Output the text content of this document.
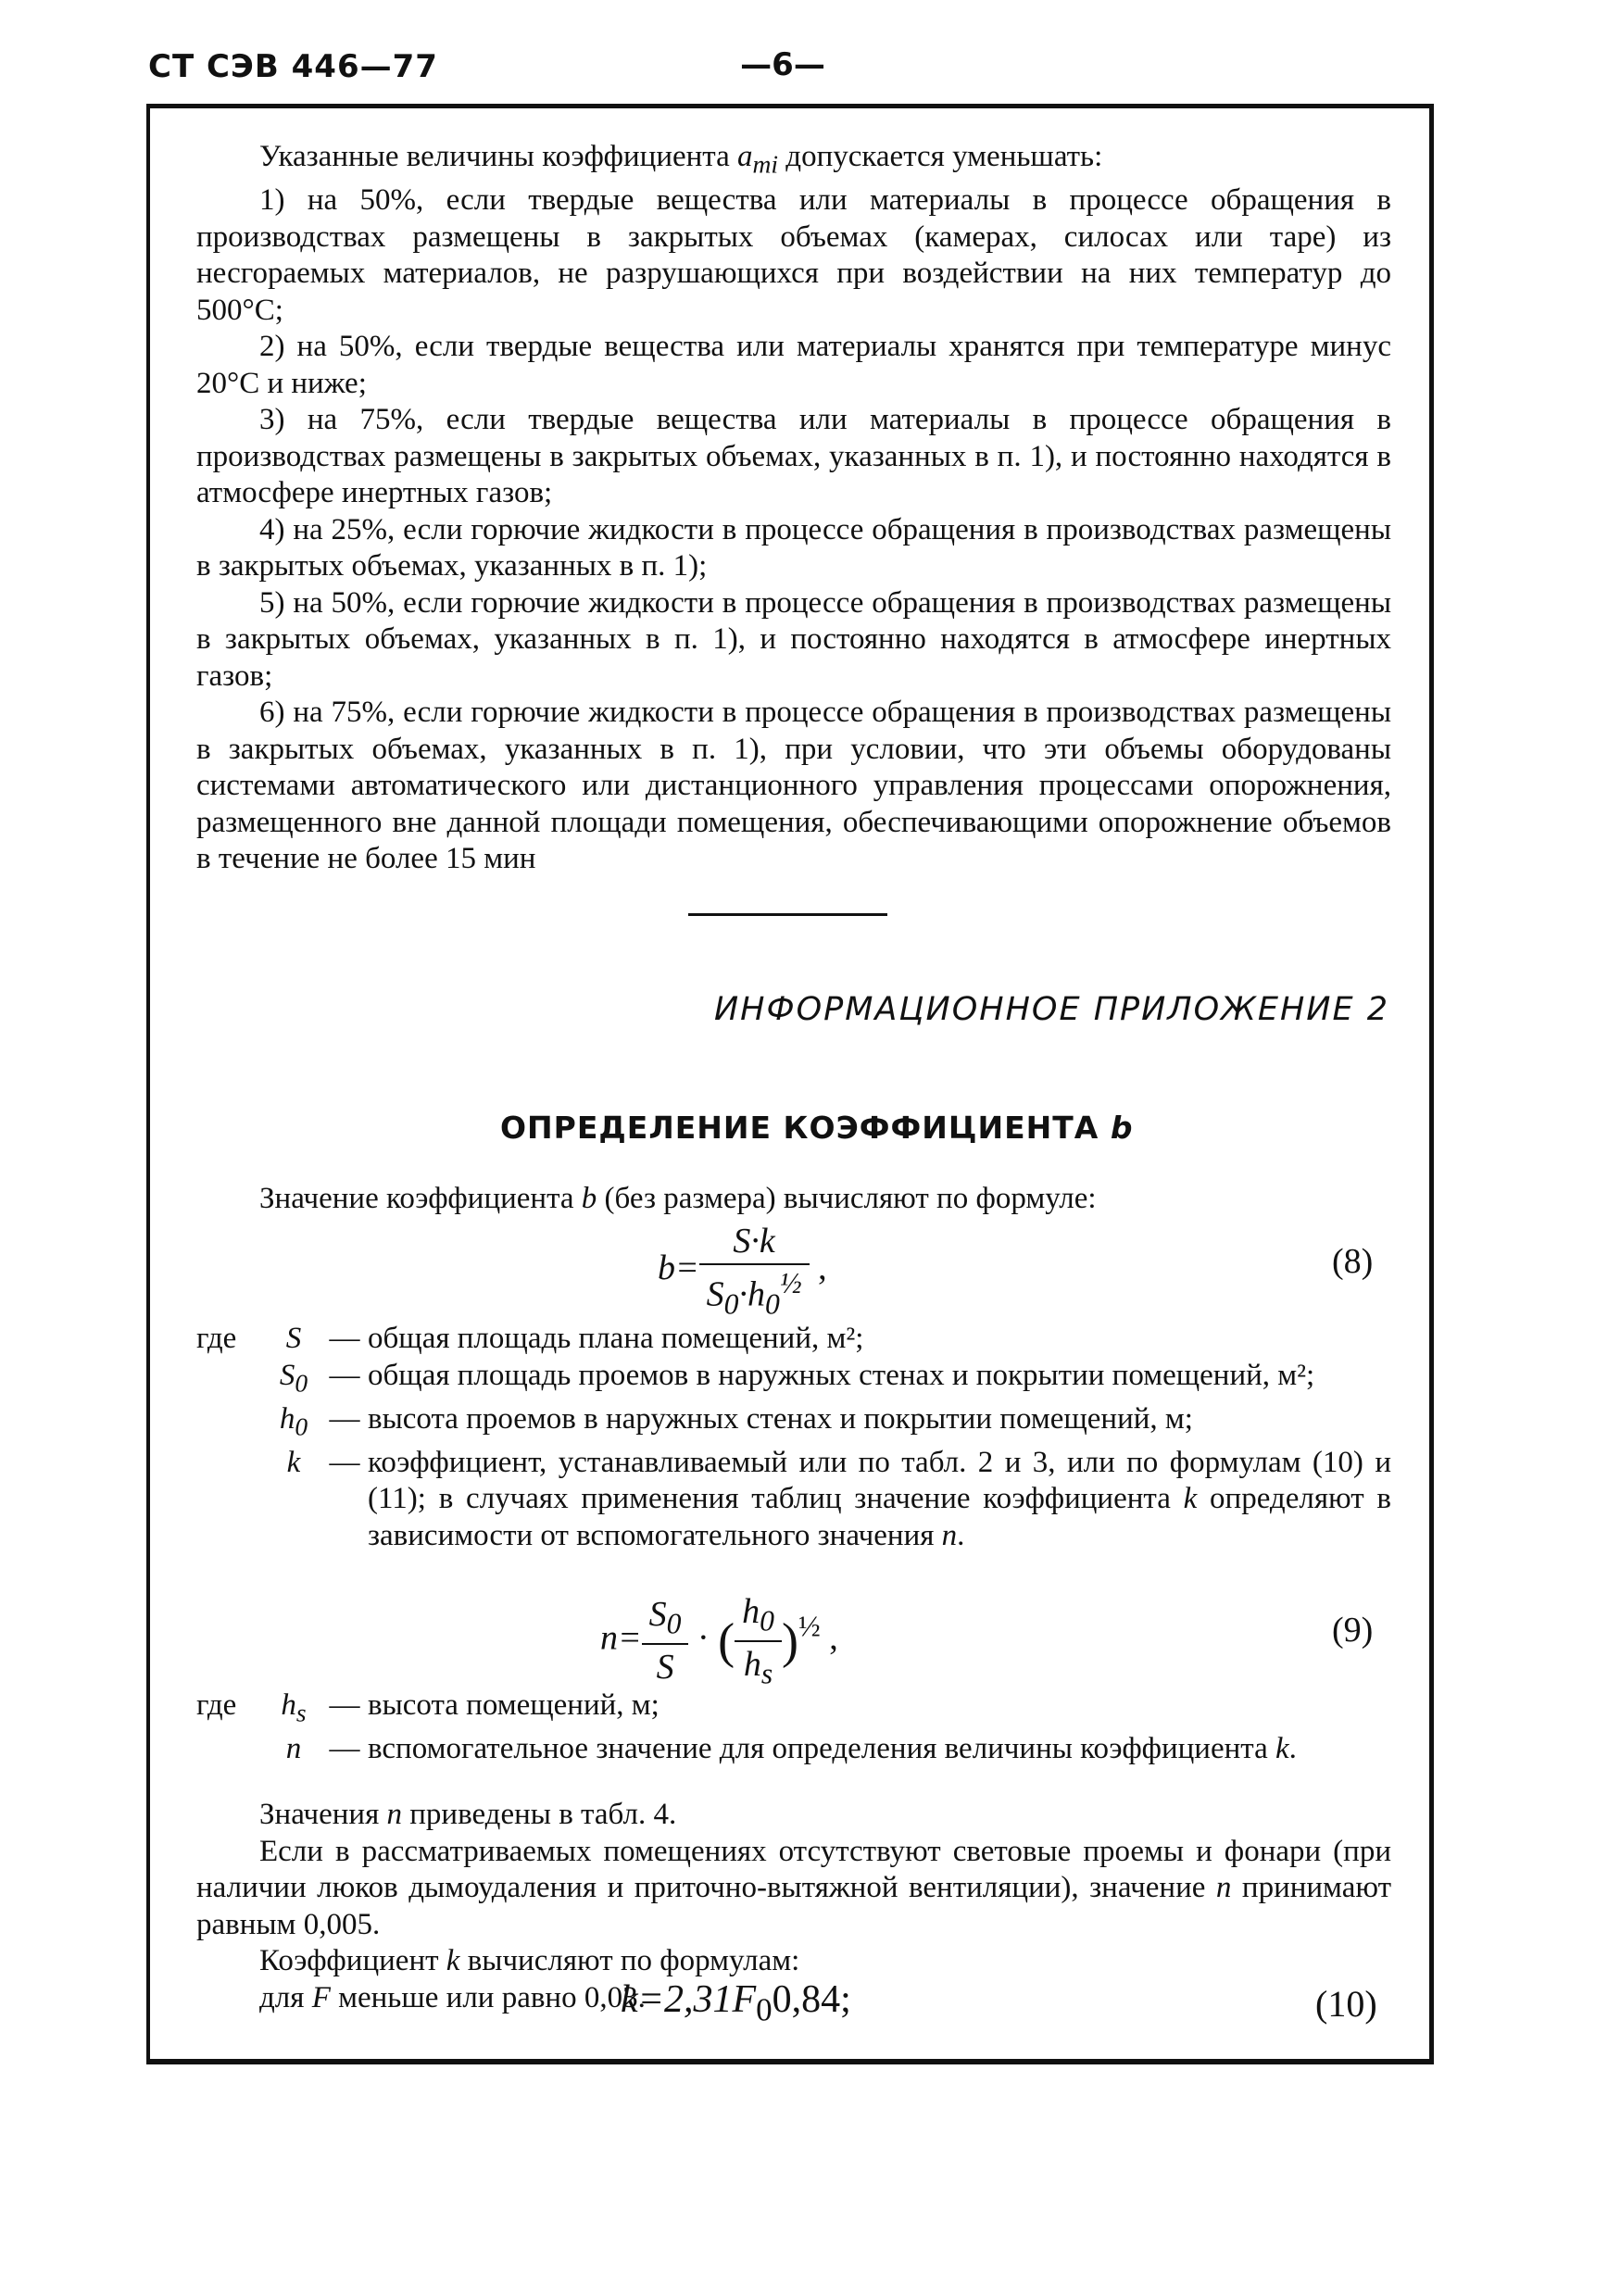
СТ СЭВ 446—77	—6—

Указанные величины коэффициента $a_{mi}$ допускается уменьшать:

1) на 50%, если твердые вещества или материалы в процессе обращения в производствах размещены в закрытых объемах (камерах, силосах или таре) из несгораемых материалов, не разрушающихся при воздействии на них температур до 500°С;

2) на 50%, если твердые вещества или материалы хранятся при температуре минус 20°С и ниже;

3) на 75%, если твердые вещества или материалы в процессе обращения в производствах размещены в закрытых объемах, указанных в п. 1), и постоянно находятся в атмосфере инертных газов;

4) на 25%, если горючие жидкости в процессе обращения в производствах размещены в закрытых объемах, указанных в п. 1);

5) на 50%, если горючие жидкости в процессе обращения в производствах размещены в закрытых объемах, указанных в п. 1), и постоянно находятся в атмосфере инертных газов;

6) на 75%, если горючие жидкости в процессе обращения в производствах размещены в закрытых объемах, указанных в п. 1), при условии, что эти объемы оборудованы системами автоматического или дистанционного управления процессами опорожнения, размещенного вне данной площади помещения, обеспечивающими опорожнение объемов в течение не более 15 мин

ИНФОРМАЦИОННОЕ ПРИЛОЖЕНИЕ 2
ОПРЕДЕЛЕНИЕ КОЭФФИЦИЕНТА b

Значение коэффициента b (без размера) вычисляют по формуле:

$b= \frac{S\cdot k}{S_0\cdot h_0^{\frac{1}{2}}}$ ,	(8)
где	S — общая площадь плана помещений, м²;
$S_0$ — общая площадь проемов в наружных стенах и покрытии помещений, м²;
$h_0$ — высота проемов в наружных стенах и покрытии помещений, м;
k — коэффициент, устанавливаемый или по табл. 2 и 3, или по формулам (10) и (11); в случаях применения таблиц значение коэффициента k определяют в зависимости от вспомогательного значения n.
$n= \frac{S_0}{S}$ · ( $\frac{h_0}{h_s} )^{\frac{1}{2}}$ ,	(9)
где	$h_s$ — высота помещений, м;
n — вспомогательное значение для определения величины коэффициента k.

Значения n приведены в табл. 4.

Если в рассматриваемых помещениях отсутствуют световые проемы и фонари (при наличии люков дымоудаления и приточно-вытяжной вентиляции), значение n принимают равным 0,005.

Коэффициент k вычисляют по формулам:

для F меньше или равно 0,03.

$k=2,31F_00,84$;	(10)
